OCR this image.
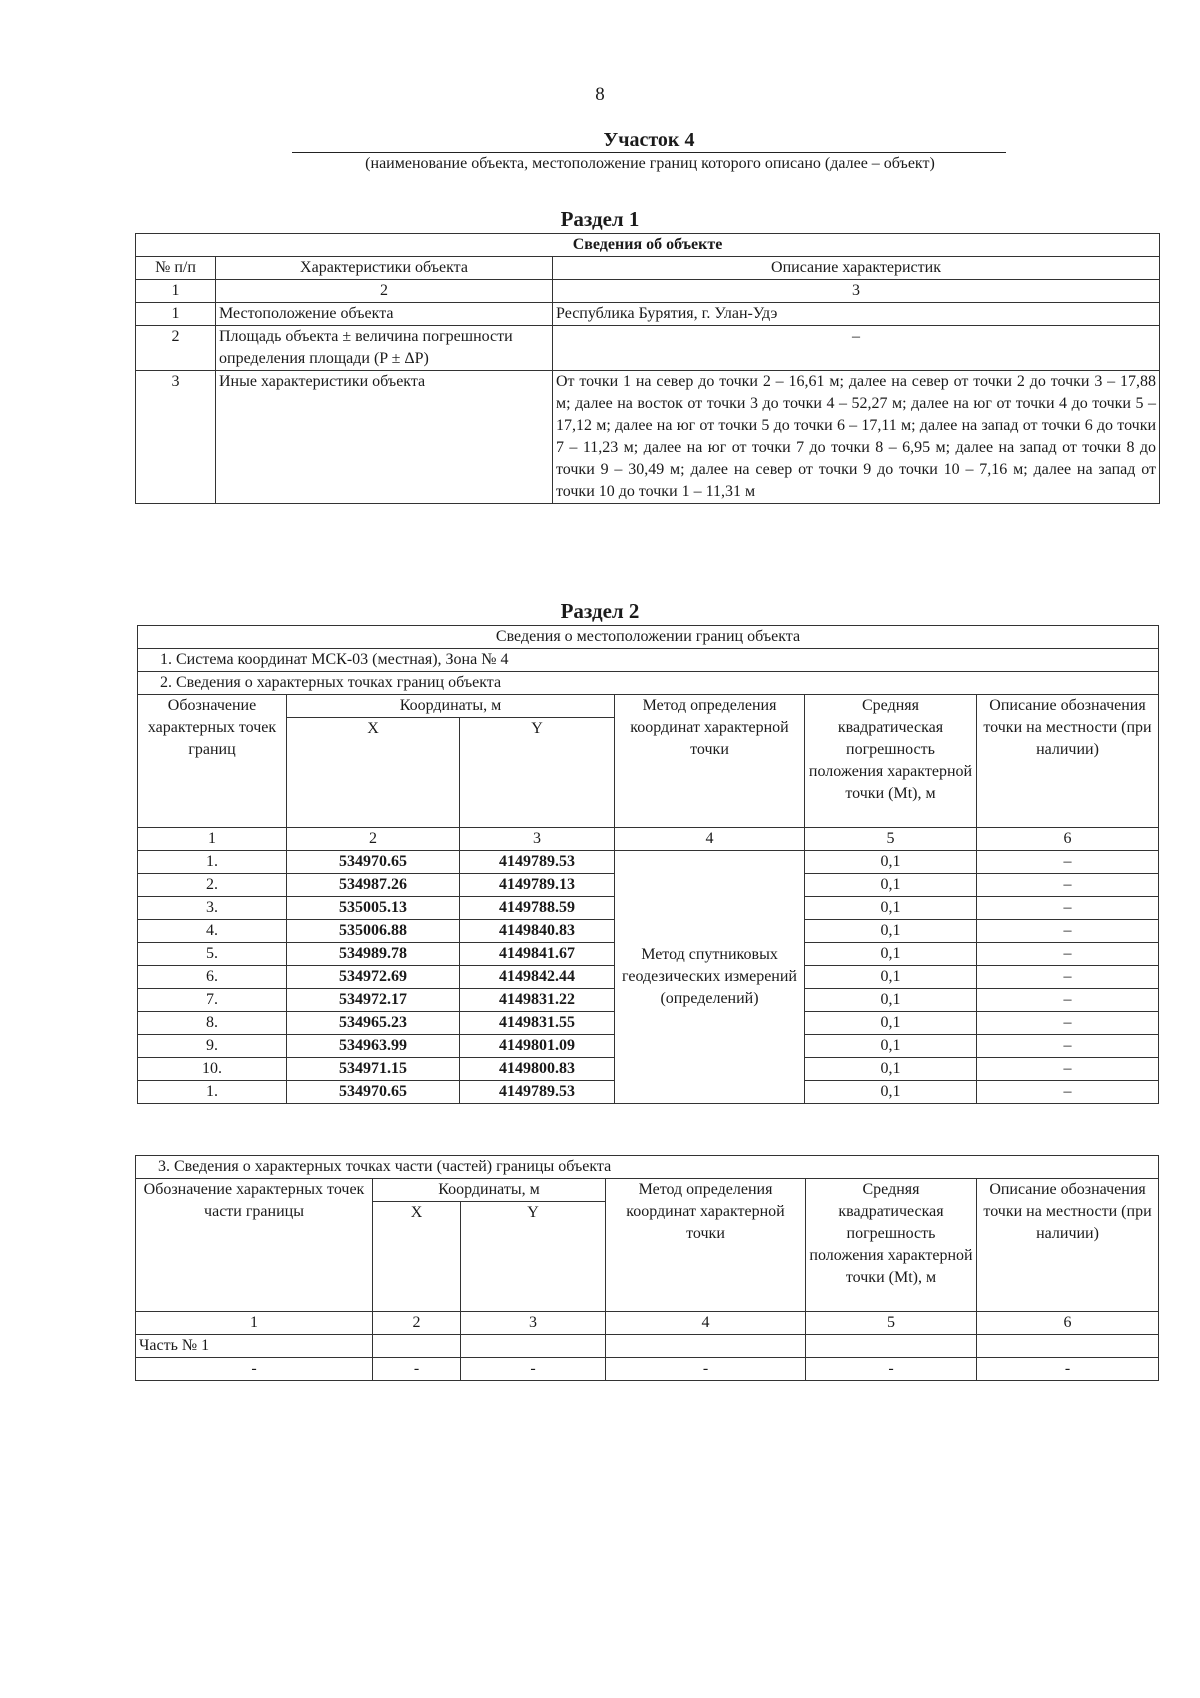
8
Участок 4
(наименование объекта, местоположение границ которого описано (далее – объект)
Раздел 1
Сведения об объекте		
№ п/п	Характеристики объекта	Описание характеристик
1	2	3
1	Местоположение объекта	Республика Бурятия, г. Улан-Удэ
2	Площадь объекта ± величина погрешности определения площади (P ± ΔP)	–
3	Иные характеристики объекта	От точки 1 на север до точки 2 – 16,61 м; далее на север от точки 2 до точки 3 – 17,88 м; далее на восток от точки 3 до точки 4 – 52,27 м; далее на юг от точки 4 до точки 5 – 17,12 м; далее на юг от точки 5 до точки 6 – 17,11 м; далее на запад от точки 6 до точки 7 – 11,23 м; далее на юг от точки 7 до точки 8 – 6,95 м; далее на запад от точки 8 до точки 9 – 30,49 м; далее на север от точки 9 до точки 10 – 7,16 м; далее на запад от точки 10 до точки 1 – 11,31 м
Раздел 2
Сведения о местоположении границ объекта					
1. Система координат МСК-03 (местная), Зона № 4					
2. Сведения о характерных точках границ объекта					
Обозначение характерных точек границ	Координаты, м		Метод определения координат характерной точки	Средняя квадратическая погрешность положения характерной точки (Mt), м	Описание обозначения точки на местности (при наличии)
	X	Y			
1	2	3	4	5	6
1.	534970.65	4149789.53	Метод спутниковых геодезических измерений (определений)	0,1	–
2.	534987.26	4149789.13		0,1	–
3.	535005.13	4149788.59		0,1	–
4.	535006.88	4149840.83		0,1	–
5.	534989.78	4149841.67		0,1	–
6.	534972.69	4149842.44		0,1	–
7.	534972.17	4149831.22		0,1	–
8.	534965.23	4149831.55		0,1	–
9.	534963.99	4149801.09		0,1	–
10.	534971.15	4149800.83		0,1	–
1.	534970.65	4149789.53		0,1	–
3. Сведения о характерных точках части (частей) границы объекта					
Обозначение характерных точек части границы	Координаты, м		Метод определения координат характерной точки	Средняя квадратическая погрешность положения характерной точки (Mt), м	Описание обозначения точки на местности (при наличии)
	X	Y			
1	2	3	4	5	6
Часть № 1					
-	-	-	-	-	-
